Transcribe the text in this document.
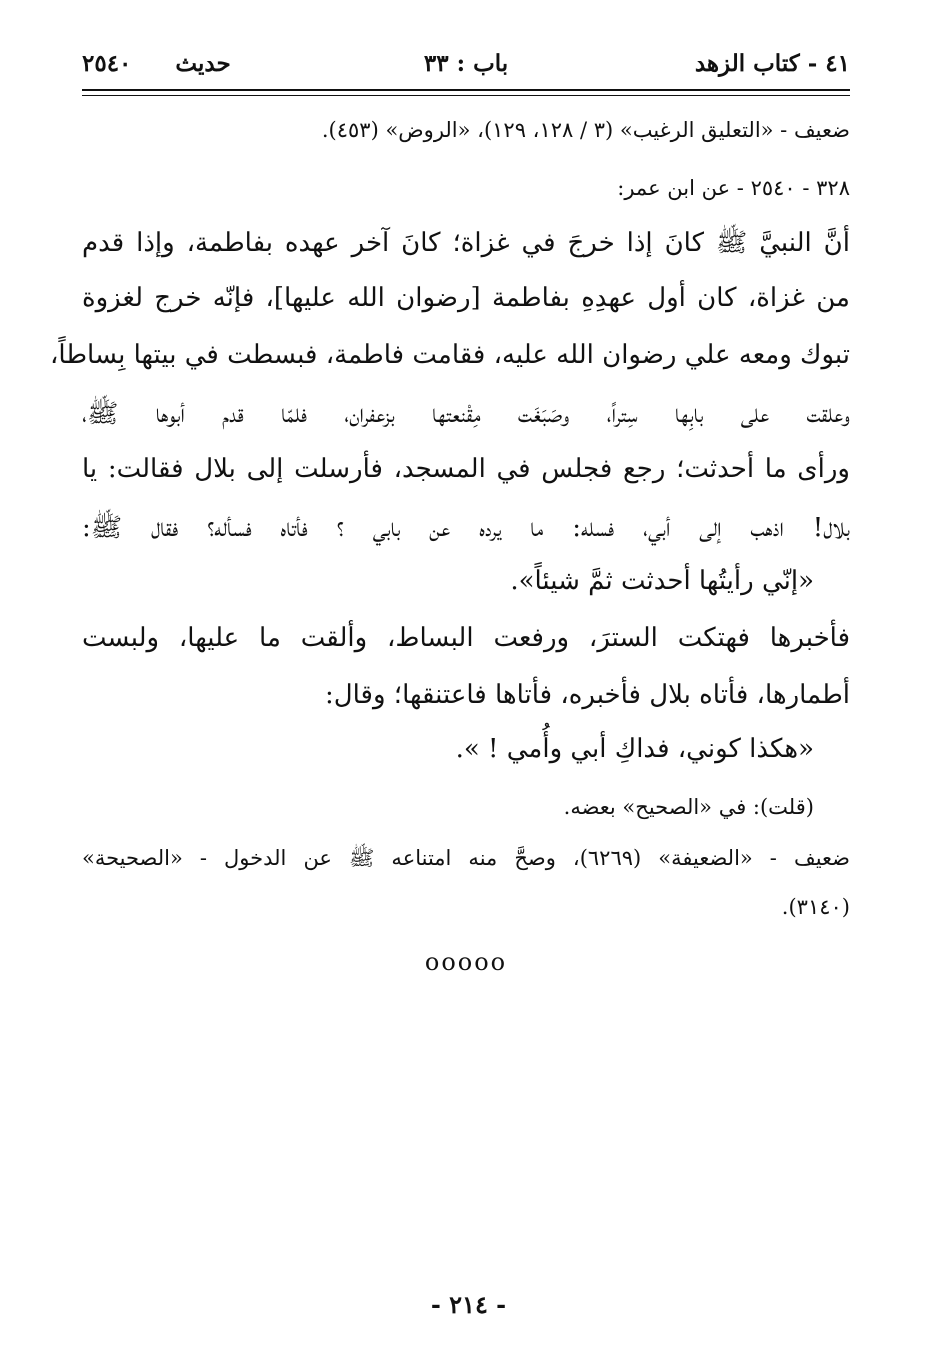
٤١ - كتاب الزهد
باب : ٣٣
حديث٢٥٤٠
ضعيف - «التعليق الرغيب» (٣ / ١٢٨، ١٢٩)، «الروض» (٤٥٣).
٣٢٨ - ٢٥٤٠ - عن ابن عمر:
أنَّ النبيَّ ﷺ كانَ إذا خرجَ في غزاة؛ كانَ آخر عهده بفاطمة، وإذا قدم
من غزاة، كان أول عهدِهِ بفاطمة [رضوان الله عليها]، فإنّه خرج لغزوة
تبوك ومعه علي رضوان الله عليه، فقامت فاطمة، فبسطت في بيتها بِساطاً،
وعلقت على بابِها سِتراً، وصَبَغَت مِقْنعتها بزعفران، فلمّا قدم أبوها ﷺ،
ورأى ما أحدثت؛ رجع فجلس في المسجد، فأرسلت إلى بلال فقالت: يا
بلال! اذهب إلى أبي، فسله: ما يرده عن بابي ؟ فأتاه فسأله؟ فقال ﷺ:
«إنّي رأيتُها أحدثت ثمَّ شيئاً».
فأخبرها فهتكت السترَ، ورفعت البساط، وألقت ما عليها، ولبست
أطمارها، فأتاه بلال فأخبره، فأتاها فاعتنقها؛ وقال:
«هكذا كوني، فداكِ أبي وأُمي ! ».
(قلت): في «الصحيح» بعضه.
ضعيف - «الضعيفة» (٦٢٦٩)، وصحَّ منه امتناعه ﷺ عن الدخول - «الصحيحة»
(٣١٤٠).
ooooo
- ٢١٤ -
